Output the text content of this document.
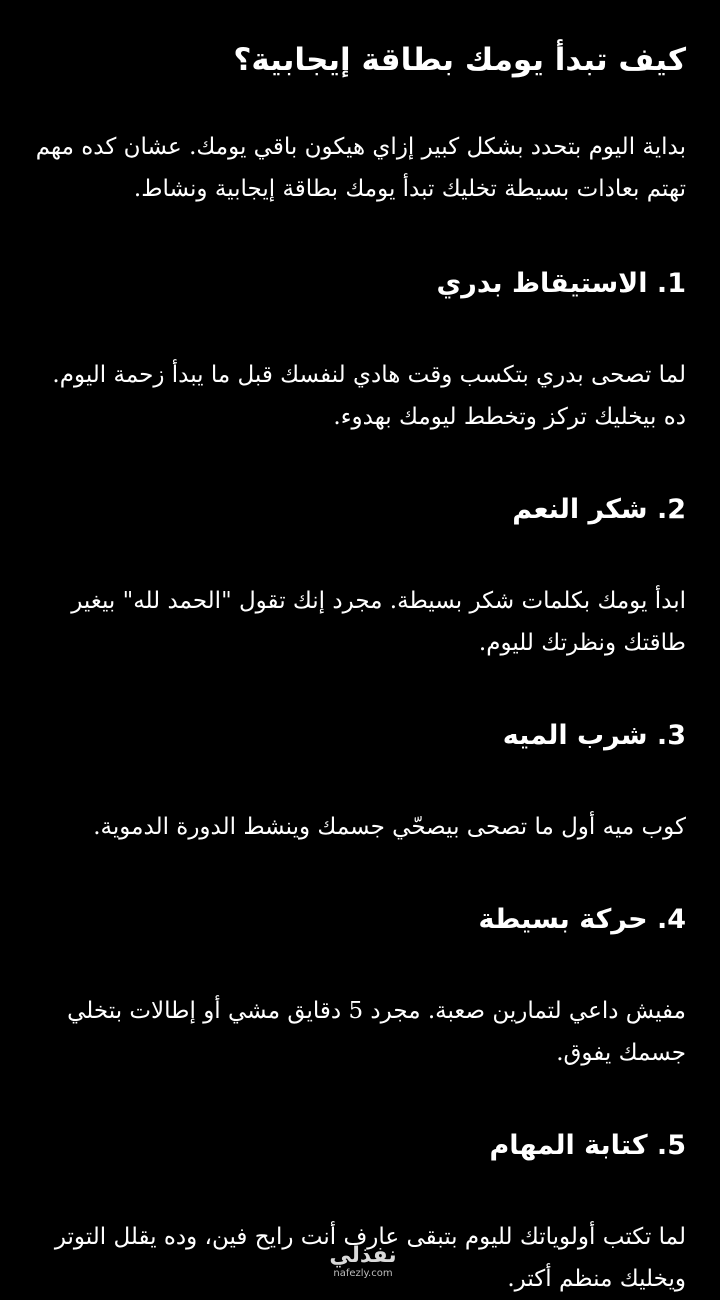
كيف تبدأ يومك بطاقة إيجابية؟

بداية اليوم بتحدد بشكل كبير إزاي هيكون باقي يومك. عشان كده مهم تهتم بعادات بسيطة تخليك تبدأ يومك بطاقة إيجابية ونشاط.

1. الاستيقاظ بدري

لما تصحى بدري بتكسب وقت هادي لنفسك قبل ما يبدأ زحمة اليوم. ده بيخليك تركز وتخطط ليومك بهدوء.

2. شكر النعم

ابدأ يومك بكلمات شكر بسيطة. مجرد إنك تقول "الحمد لله" بيغير طاقتك ونظرتك لليوم.

3. شرب الميه

كوب ميه أول ما تصحى بيصحّي جسمك وينشط الدورة الدموية.

4. حركة بسيطة

مفيش داعي لتمارين صعبة. مجرد 5 دقايق مشي أو إطالات بتخلي جسمك يفوق.

5. كتابة المهام

لما تكتب أولوياتك لليوم بتبقى عارف أنت رايح فين، وده يقلل التوتر ويخليك منظم أكتر.

نفذلي
nafezly.com
